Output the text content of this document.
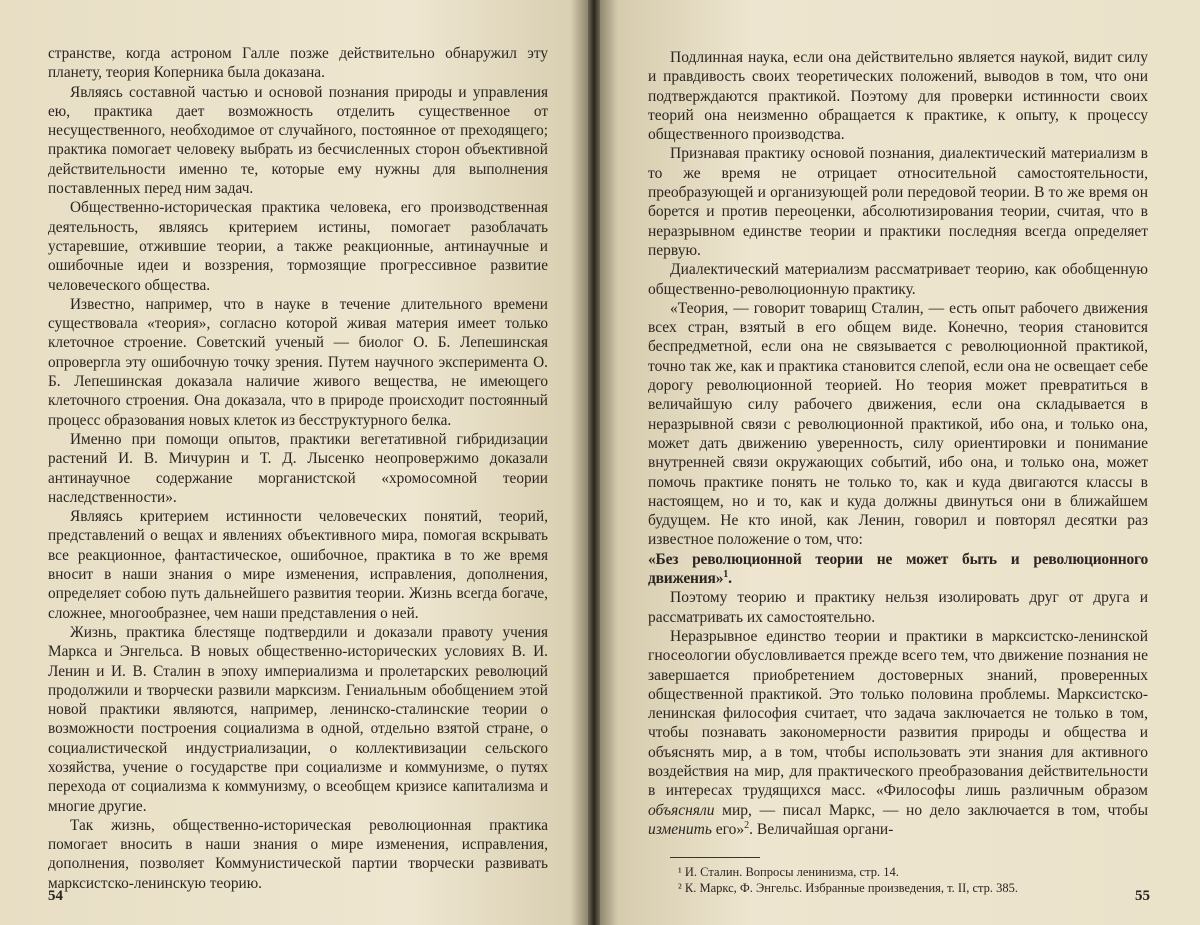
странстве, когда астроном Галле позже действительно обнаружил эту планету, теория Коперника была доказана.

Являясь составной частью и основой познания природы и управления ею, практика дает возможность отделить существенное от несущественного, необходимое от случайного, постоянное от преходящего; практика помогает человеку выбрать из бесчисленных сторон объективной действительности именно те, которые ему нужны для выполнения поставленных перед ним задач.

Общественно-историческая практика человека, его производственная деятельность, являясь критерием истины, помогает разоблачать устаревшие, отжившие теории, а также реакционные, антинаучные и ошибочные идеи и воззрения, тормозящие прогрессивное развитие человеческого общества.

Известно, например, что в науке в течение длительного времени существовала «теория», согласно которой живая материя имеет только клеточное строение. Советский ученый — биолог О. Б. Лепешинская опровергла эту ошибочную точку зрения. Путем научного эксперимента О. Б. Лепешинская доказала наличие живого вещества, не имеющего клеточного строения. Она доказала, что в природе происходит постоянный процесс образования новых клеток из бесструктурного белка.

Именно при помощи опытов, практики вегетативной гибридизации растений И. В. Мичурин и Т. Д. Лысенко неопровержимо доказали антинаучное содержание морганистской «хромосомной теории наследственности».

Являясь критерием истинности человеческих понятий, теорий, представлений о вещах и явлениях объективного мира, помогая вскрывать все реакционное, фантастическое, ошибочное, практика в то же время вносит в наши знания о мире изменения, исправления, дополнения, определяет собою путь дальнейшего развития теории. Жизнь всегда богаче, сложнее, многообразнее, чем наши представления о ней.

Жизнь, практика блестяще подтвердили и доказали правоту учения Маркса и Энгельса. В новых общественно-исторических условиях В. И. Ленин и И. В. Сталин в эпоху империализма и пролетарских революций продолжили и творчески развили марксизм. Гениальным обобщением этой новой практики являются, например, ленинско-сталинские теории о возможности построения социализма в одной, отдельно взятой стране, о социалистической индустриализации, о коллективизации сельского хозяйства, учение о государстве при социализме и коммунизме, о путях перехода от социализма к коммунизму, о всеобщем кризисе капитализма и многие другие.

Так жизнь, общественно-историческая революционная практика помогает вносить в наши знания о мире изменения, исправления, дополнения, позволяет Коммунистической партии творчески развивать марксистско-ленинскую теорию.

54

Подлинная наука, если она действительно является наукой, видит силу и правдивость своих теоретических положений, выводов в том, что они подтверждаются практикой. Поэтому для проверки истинности своих теорий она неизменно обращается к практике, к опыту, к процессу общественного производства.

Признавая практику основой познания, диалектический материализм в то же время не отрицает относительной самостоятельности, преобразующей и организующей роли передовой теории. В то же время он борется и против переоценки, абсолютизирования теории, считая, что в неразрывном единстве теории и практики последняя всегда определяет первую.

Диалектический материализм рассматривает теорию, как обобщенную общественно-революционную практику.

«Теория, — говорит товарищ Сталин, — есть опыт рабочего движения всех стран, взятый в его общем виде. Конечно, теория становится беспредметной, если она не связывается с революционной практикой, точно так же, как и практика становится слепой, если она не освещает себе дорогу революционной теорией. Но теория может превратиться в величайшую силу рабочего движения, если она складывается в неразрывной связи с революционной практикой, ибо она, и только она, может дать движению уверенность, силу ориентировки и понимание внутренней связи окружающих событий, ибо она, и только она, может помочь практике понять не только то, как и куда двигаются классы в настоящем, но и то, как и куда должны двинуться они в ближайшем будущем. Не кто иной, как Ленин, говорил и повторял десятки раз известное положение о том, что:

«Без революционной теории не может быть и революционного движения»$^1$.

Поэтому теорию и практику нельзя изолировать друг от друга и рассматривать их самостоятельно.

Неразрывное единство теории и практики в марксистско-ленинской гносеологии обусловливается прежде всего тем, что движение познания не завершается приобретением достоверных знаний, проверенных общественной практикой. Это только половина проблемы. Марксистско-ленинская философия считает, что задача заключается не только в том, чтобы познавать закономерности развития природы и общества и объяснять мир, а в том, чтобы использовать эти знания для активного воздействия на мир, для практического преобразования действительности в интересах трудящихся масс. «Философы лишь различным образом объясняли мир, — писал Маркс, — но дело заключается в том, чтобы изменить его»$^2$. Величайшая органи-

¹ И. Сталин. Вопросы ленинизма, стр. 14.
² К. Маркс, Ф. Энгельс. Избранные произведения, т. II, стр. 385.	55
